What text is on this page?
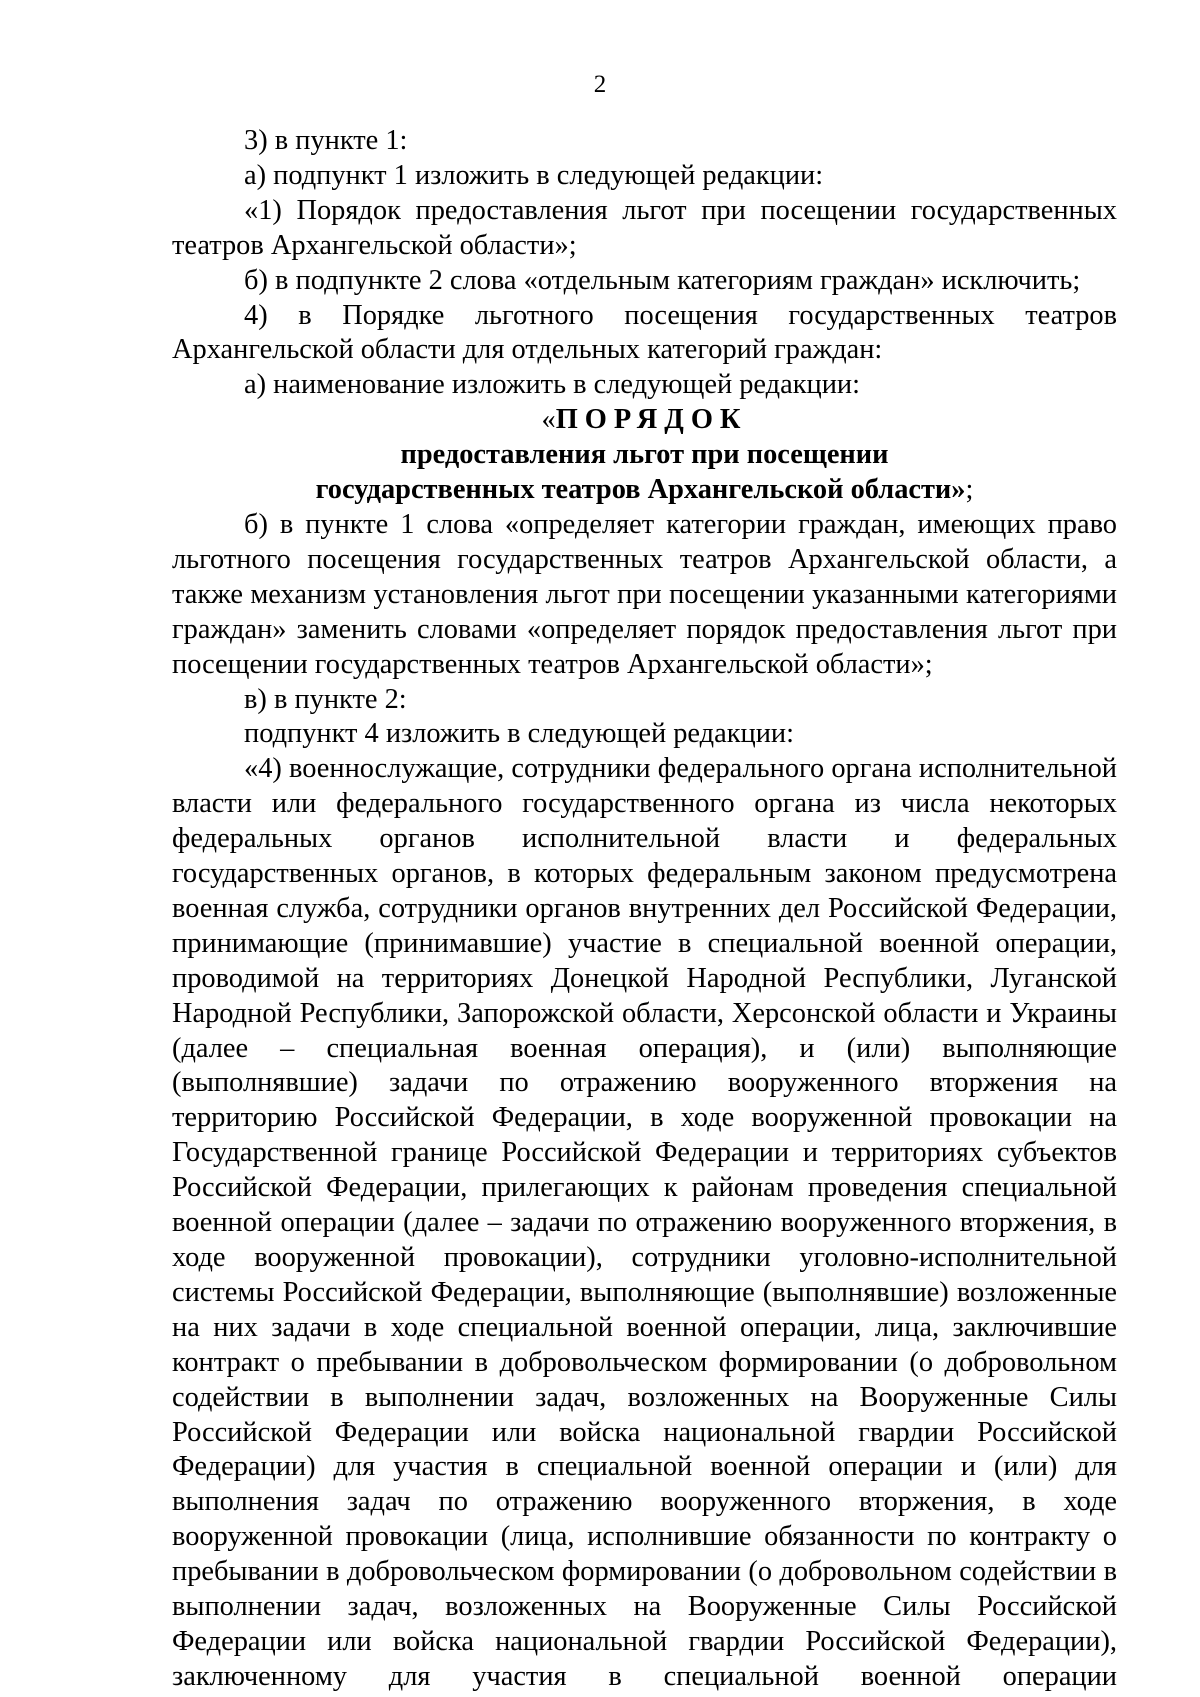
2

3) в пункте 1:

а) подпункт 1 изложить в следующей редакции:

«1) Порядок предоставления льгот при посещении государственных театров Архангельской области»;

б) в подпункте 2 слова «отдельным категориям граждан» исключить;

4) в Порядке льготного посещения государственных театров Архангельской области для отдельных категорий граждан:

а) наименование изложить в следующей редакции:

«ПОРЯДОК
предоставления льгот при посещении
государственных театров Архангельской области»;

б) в пункте 1 слова «определяет категории граждан, имеющих право льготного посещения государственных театров Архангельской области, а также механизм установления льгот при посещении указанными категориями граждан» заменить словами «определяет порядок предоставления льгот при посещении государственных театров Архангельской области»;

в) в пункте 2:

подпункт 4 изложить в следующей редакции:

«4) военнослужащие, сотрудники федерального органа исполнительной власти или федерального государственного органа из числа некоторых федеральных органов исполнительной власти и федеральных государственных органов, в которых федеральным законом предусмотрена военная служба, сотрудники органов внутренних дел Российской Федерации, принимающие (принимавшие) участие в специальной военной операции, проводимой на территориях Донецкой Народной Республики, Луганской Народной Республики, Запорожской области, Херсонской области и Украины (далее – специальная военная операция), и (или) выполняющие (выполнявшие) задачи по отражению вооруженного вторжения на территорию Российской Федерации, в ходе вооруженной провокации на Государственной границе Российской Федерации и территориях субъектов Российской Федерации, прилегающих к районам проведения специальной военной операции (далее – задачи по отражению вооруженного вторжения, в ходе вооруженной провокации), сотрудники уголовно-исполнительной системы Российской Федерации, выполняющие (выполнявшие) возложенные на них задачи в ходе специальной военной операции, лица, заключившие контракт о пребывании в добровольческом формировании (о добровольном содействии в выполнении задач, возложенных на Вооруженные Силы Российской Федерации или войска национальной гвардии Российской Федерации) для участия в специальной военной операции и (или) для выполнения задач по отражению вооруженного вторжения, в ходе вооруженной провокации (лица, исполнившие обязанности по контракту о пребывании в добровольческом формировании (о добровольном содействии в выполнении задач, возложенных на Вооруженные Силы Российской Федерации или войска национальной гвардии Российской Федерации), заключенному для участия в специальной военной операции
